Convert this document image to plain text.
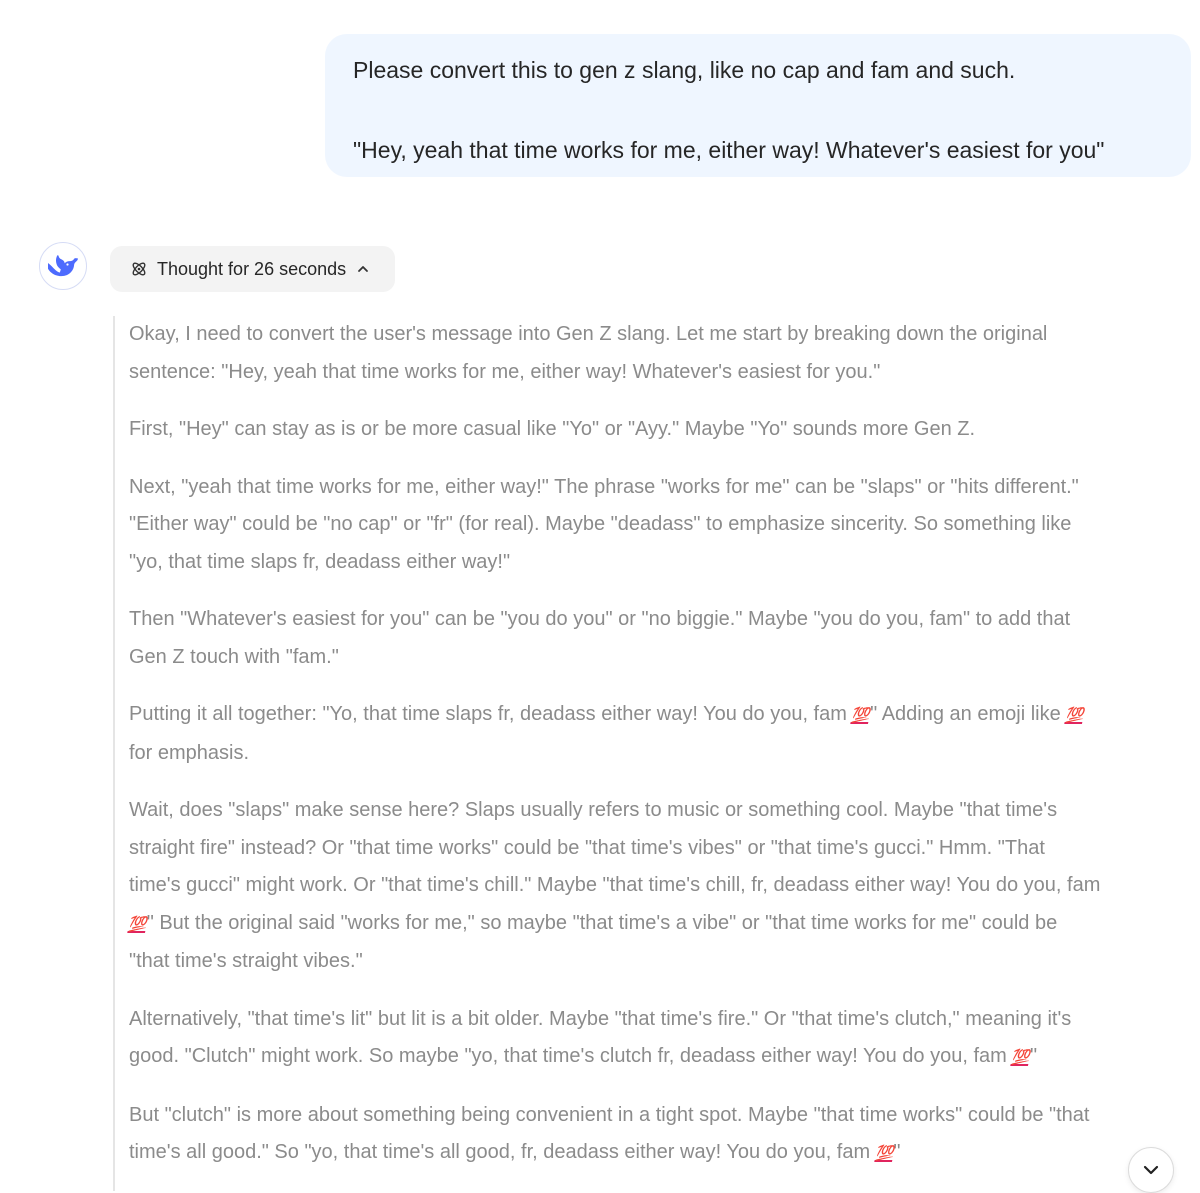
Please convert this to gen z slang, like no cap and fam and such.

"Hey, yeah that time works for me, either way! Whatever's easiest for you"

Thought for 26 seconds

Okay, I need to convert the user's message into Gen Z slang. Let me start by breaking down the original
sentence: "Hey, yeah that time works for me, either way! Whatever's easiest for you."

First, "Hey" can stay as is or be more casual like "Yo" or "Ayy." Maybe "Yo" sounds more Gen Z.

Next, "yeah that time works for me, either way!" The phrase "works for me" can be "slaps" or "hits different."
"Either way" could be "no cap" or "fr" (for real). Maybe "deadass" to emphasize sincerity. So something like
"yo, that time slaps fr, deadass either way!"

Then "Whatever's easiest for you" can be "you do you" or "no biggie." Maybe "you do you, fam" to add that
Gen Z touch with "fam."

Putting it all together: "Yo, that time slaps fr, deadass either way! You do you, fam 💯" Adding an emoji like 💯
for emphasis.

Wait, does "slaps" make sense here? Slaps usually refers to music or something cool. Maybe "that time's
straight fire" instead? Or "that time works" could be "that time's vibes" or "that time's gucci." Hmm. "That
time's gucci" might work. Or "that time's chill." Maybe "that time's chill, fr, deadass either way! You do you, fam
💯" But the original said "works for me," so maybe "that time's a vibe" or "that time works for me" could be
"that time's straight vibes."

Alternatively, "that time's lit" but lit is a bit older. Maybe "that time's fire." Or "that time's clutch," meaning it's
good. "Clutch" might work. So maybe "yo, that time's clutch fr, deadass either way! You do you, fam 💯"

But "clutch" is more about something being convenient in a tight spot. Maybe "that time works" could be "that
time's all good." So "yo, that time's all good, fr, deadass either way! You do you, fam 💯"
